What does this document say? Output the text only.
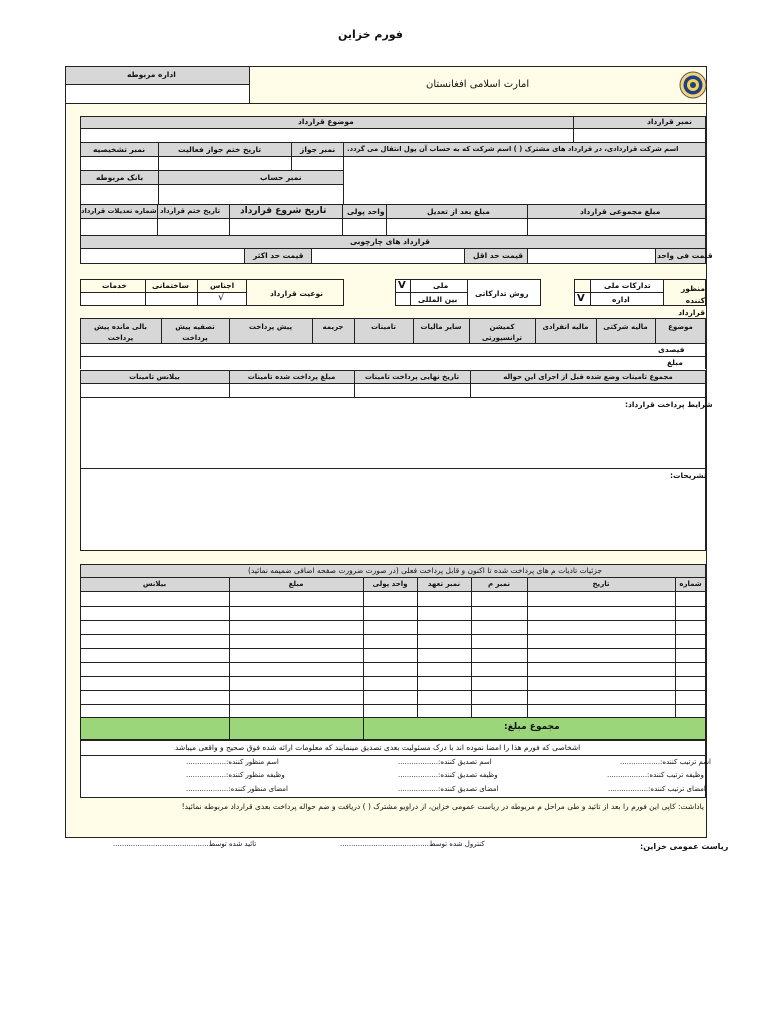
فورم خزاین
اداره مربوطه
امارت اسلامی افغانستان
موضوع قرارداد	نمبر قرارداد
اسم شرکت قراردادی، در قرارداد های مشترک ( ) اسم شرکت که به حساب آن پول انتقال می گردد.
نمبر جواز
تاریخ ختم جواز فعالیت
نمبر تشخیصیه
نمبر حساب
بانک مربوطه
مبلغ مجموعی قرارداد
مبلغ بعد از تعدیل
واحد پولی
تاریخ شروع قرارداد
تاریخ ختم قرارداد
شماره تعدیلات قرارداد
قرارداد های چارچوبی
قیمت فی واحد
قیمت حد اقل
قیمت حد اکثر
منظور کننده قرارداد
تدارکات ملی
اداره
V
روش تدارکاتی
ملی
بین المللی
V
نوعیت قرارداد
اجناس
ساختمانی
خدمات
√
موضوع
مالیه شرکتی
مالیه انفرادی
کمیشن ترانسپورتی
سایر مالیات
تامینات
جریمه
پیش پرداخت
تصفیه پیش پرداخت
بالی مانده پیش پرداخت
فیصدی
مبلغ
مجموع تامینات وضع شده قبل از اجرای این حواله
تاریخ نهایی پرداخت تامینات
مبلغ پرداخت شده تامینات
بیلانس تامینات
شرایط پرداخت قرارداد:
تشریحات:
جزئیات تادیات م های پرداخت شده تا اکنون و قابل پرداخت فعلی (در صورت ضرورت صفحه اضافی ضمیمه نمائید)
شماره
تاریخ
نمبر م
نمبر تعهد
واحد پولی
مبلغ
بیلانس
مجموع مبلغ:
اشخاصی که فورم هذا را امضا نموده اند با درک مسئولیت بعدی تصدیق مینمایند که معلومات ارائه شده فوق صحیح و واقعی میباشد
اسم ترتیب کننده:..................
وظیفه ترتیب کننده:..................
امضای ترتیب کننده:..................
اسم تصدیق کننده:..................
وظیفه تصدیق کننده:..................
امضای تصدیق کننده:..................
اسم منظور کننده:..................
وظیفه منظور کننده:..................
امضای منظور کننده:...................
یاداشت: کاپی این فورم را بعد از تائید و طی مراحل م مربوطه در ریاست عمومی خزاین، از دراویو مشترک ( ) دریافت و ضم حواله پرداخت بعدی قرارداد مربوطه نمائید!
ریاست عمومی خزاین:
کنترول شده توسط........................................
تائید شده توسط...........................................
